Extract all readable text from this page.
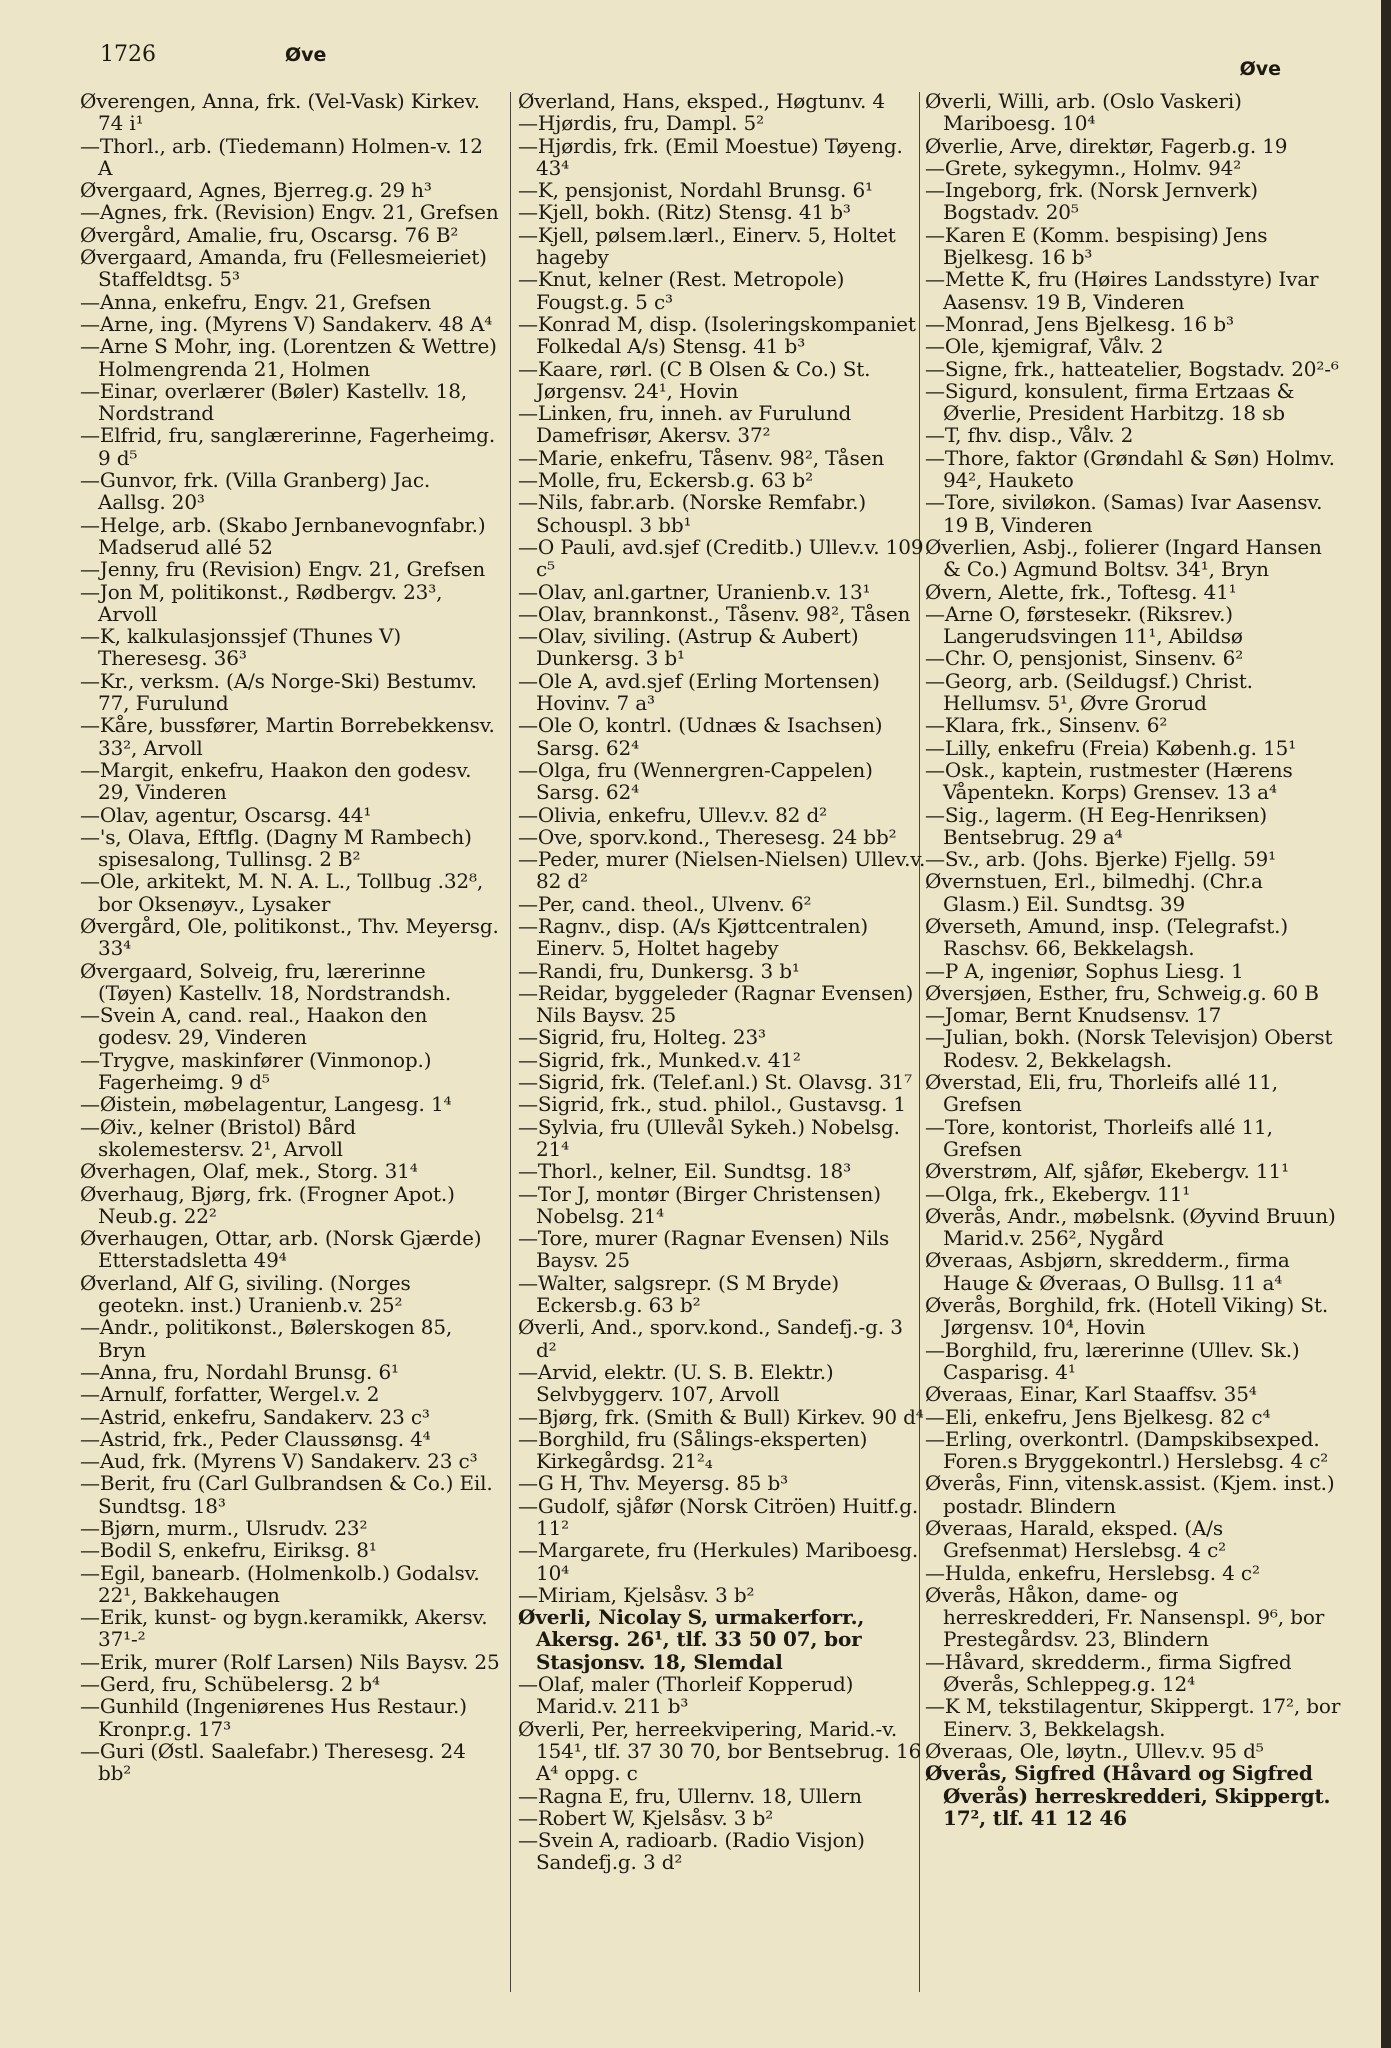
1726	Øve
Øve

Øverengen, Anna, frk. (Vel-Vask) Kirkev. 74 i¹

—Thorl., arb. (Tiedemann) Holmen-v. 12 A

Øvergaard, Agnes, Bjerreg.g. 29 h³

—Agnes, frk. (Revision) Engv. 21, Grefsen

Øvergård, Amalie, fru, Oscarsg. 76 B²

Øvergaard, Amanda, fru (Fellesmeieriet) Staffeldtsg. 5³

—Anna, enkefru, Engv. 21, Grefsen

—Arne, ing. (Myrens V) Sandakerv. 48 A⁴

—Arne S Mohr, ing. (Lorentzen & Wettre) Holmengrenda 21, Holmen

—Einar, overlærer (Bøler) Kastellv. 18, Nordstrand

—Elfrid, fru, sanglærerinne, Fagerheimg. 9 d⁵

—Gunvor, frk. (Villa Granberg) Jac. Aallsg. 20³

—Helge, arb. (Skabo Jernbanevognfabr.) Madserud allé 52

—Jenny, fru (Revision) Engv. 21, Grefsen

—Jon M, politikonst., Rødbergv. 23³, Arvoll

—K, kalkulasjonssjef (Thunes V) Theresesg. 36³

—Kr., verksm. (A/s Norge-Ski) Bestumv. 77, Furulund

—Kåre, bussfører, Martin Borrebekkensv. 33², Arvoll

—Margit, enkefru, Haakon den godesv. 29, Vinderen

—Olav, agentur, Oscarsg. 44¹

—'s, Olava, Eftflg. (Dagny M Rambech) spisesalong, Tullinsg. 2 B²

—Ole, arkitekt, M. N. A. L., Tollbug .32⁸, bor Oksenøyv., Lysaker

Øvergård, Ole, politikonst., Thv. Meyersg. 33⁴

Øvergaard, Solveig, fru, lærerinne (Tøyen) Kastellv. 18, Nordstrandsh.

—Svein A, cand. real., Haakon den godesv. 29, Vinderen

—Trygve, maskinfører (Vinmonop.) Fagerheimg. 9 d⁵

—Øistein, møbelagentur, Langesg. 1⁴

—Øiv., kelner (Bristol) Bård skolemestersv. 2¹, Arvoll

Øverhagen, Olaf, mek., Storg. 31⁴

Øverhaug, Bjørg, frk. (Frogner Apot.) Neub.g. 22²

Øverhaugen, Ottar, arb. (Norsk Gjærde) Etterstadsletta 49⁴

Øverland, Alf G, siviling. (Norges geotekn. inst.) Uranienb.v. 25²

—Andr., politikonst., Bølerskogen 85, Bryn

—Anna, fru, Nordahl Brunsg. 6¹

—Arnulf, forfatter, Wergel.v. 2

—Astrid, enkefru, Sandakerv. 23 c³

—Astrid, frk., Peder Claussønsg. 4⁴

—Aud, frk. (Myrens V) Sandakerv. 23 c³

—Berit, fru (Carl Gulbrandsen & Co.) Eil. Sundtsg. 18³

—Bjørn, murm., Ulsrudv. 23²

—Bodil S, enkefru, Eiriksg. 8¹

—Egil, banearb. (Holmenkolb.) Godalsv. 22¹, Bakkehaugen

—Erik, kunst- og bygn.keramikk, Akersv. 37¹-²

—Erik, murer (Rolf Larsen) Nils Baysv. 25

—Gerd, fru, Schübelersg. 2 b⁴

—Gunhild (Ingeniørenes Hus Restaur.) Kronpr.g. 17³

—Guri (Østl. Saalefabr.) Theresesg. 24 bb²

Øverland, Hans, eksped., Høgtunv. 4

—Hjørdis, fru, Dampl. 5²

—Hjørdis, frk. (Emil Moestue) Tøyeng. 43⁴

—K, pensjonist, Nordahl Brunsg. 6¹

—Kjell, bokh. (Ritz) Stensg. 41 b³

—Kjell, pølsem.lærl., Einerv. 5, Holtet hageby

—Knut, kelner (Rest. Metropole) Fougst.g. 5 c³

—Konrad M, disp. (Isoleringskompaniet Folkedal A/s) Stensg. 41 b³

—Kaare, rørl. (C B Olsen & Co.) St. Jørgensv. 24¹, Hovin

—Linken, fru, inneh. av Furulund Damefrisør, Akersv. 37²

—Marie, enkefru, Tåsenv. 98², Tåsen

—Molle, fru, Eckersb.g. 63 b²

—Nils, fabr.arb. (Norske Remfabr.) Schouspl. 3 bb¹

—O Pauli, avd.sjef (Creditb.) Ullev.v. 109 c⁵

—Olav, anl.gartner, Uranienb.v. 13¹

—Olav, brannkonst., Tåsenv. 98², Tåsen

—Olav, siviling. (Astrup & Aubert) Dunkersg. 3 b¹

—Ole A, avd.sjef (Erling Mortensen) Hovinv. 7 a³

—Ole O, kontrl. (Udnæs & Isachsen) Sarsg. 62⁴

—Olga, fru (Wennergren-Cappelen) Sarsg. 62⁴

—Olivia, enkefru, Ullev.v. 82 d²

—Ove, sporv.kond., Theresesg. 24 bb²

—Peder, murer (Nielsen-Nielsen) Ullev.v. 82 d²

—Per, cand. theol., Ulvenv. 6²

—Ragnv., disp. (A/s Kjøttcentralen) Einerv. 5, Holtet hageby

—Randi, fru, Dunkersg. 3 b¹

—Reidar, byggeleder (Ragnar Evensen) Nils Baysv. 25

—Sigrid, fru, Holteg. 23³

—Sigrid, frk., Munked.v. 41²

—Sigrid, frk. (Telef.anl.) St. Olavsg. 31⁷

—Sigrid, frk., stud. philol., Gustavsg. 1

—Sylvia, fru (Ullevål Sykeh.) Nobelsg. 21⁴

—Thorl., kelner, Eil. Sundtsg. 18³

—Tor J, montør (Birger Christensen) Nobelsg. 21⁴

—Tore, murer (Ragnar Evensen) Nils Baysv. 25

—Walter, salgsrepr. (S M Bryde) Eckersb.g. 63 b²

Øverli, And., sporv.kond., Sandefj.-g. 3 d²

—Arvid, elektr. (U. S. B. Elektr.) Selvbyggerv. 107, Arvoll

—Bjørg, frk. (Smith & Bull) Kirkev. 90 d⁴

—Borghild, fru (Sålings-eksperten) Kirkegårdsg. 21²₄

—G H, Thv. Meyersg. 85 b³

—Gudolf, sjåfør (Norsk Citröen) Huitf.g. 11²

—Margarete, fru (Herkules) Mariboesg. 10⁴

—Miriam, Kjelsåsv. 3 b²

Øverli, Nicolay S, urmakerforr., Akersg. 26¹, tlf. 33 50 07, bor Stasjonsv. 18, Slemdal

—Olaf, maler (Thorleif Kopperud) Marid.v. 211 b³

Øverli, Per, herreekvipering, Marid.-v. 154¹, tlf. 37 30 70, bor Bentsebrug. 16 A⁴ oppg. c

—Ragna E, fru, Ullernv. 18, Ullern

—Robert W, Kjelsåsv. 3 b²

—Svein A, radioarb. (Radio Visjon) Sandefj.g. 3 d²

Øverli, Willi, arb. (Oslo Vaskeri) Mariboesg. 10⁴

Øverlie, Arve, direktør, Fagerb.g. 19

—Grete, sykegymn., Holmv. 94²

—Ingeborg, frk. (Norsk Jernverk) Bogstadv. 20⁵

—Karen E (Komm. bespising) Jens Bjelkesg. 16 b³

—Mette K, fru (Høires Landsstyre) Ivar Aasensv. 19 B, Vinderen

—Monrad, Jens Bjelkesg. 16 b³

—Ole, kjemigraf, Vålv. 2

—Signe, frk., hatteatelier, Bogstadv. 20²-⁶

—Sigurd, konsulent, firma Ertzaas & Øverlie, President Harbitzg. 18 sb

—T, fhv. disp., Vålv. 2

—Thore, faktor (Grøndahl & Søn) Holmv. 94², Hauketo

—Tore, siviløkon. (Samas) Ivar Aasensv. 19 B, Vinderen

Øverlien, Asbj., folierer (Ingard Hansen & Co.) Agmund Boltsv. 34¹, Bryn

Øvern, Alette, frk., Toftesg. 41¹

—Arne O, førstesekr. (Riksrev.) Langerudsvingen 11¹, Abildsø

—Chr. O, pensjonist, Sinsenv. 6²

—Georg, arb. (Seildugsf.) Christ. Hellumsv. 5¹, Øvre Grorud

—Klara, frk., Sinsenv. 6²

—Lilly, enkefru (Freia) Københ.g. 15¹

—Osk., kaptein, rustmester (Hærens Våpentekn. Korps) Grensev. 13 a⁴

—Sig., lagerm. (H Eeg-Henriksen) Bentsebrug. 29 a⁴

—Sv., arb. (Johs. Bjerke) Fjellg. 59¹

Øvernstuen, Erl., bilmedhj. (Chr.a Glasm.) Eil. Sundtsg. 39

Øverseth, Amund, insp. (Telegrafst.) Raschsv. 66, Bekkelagsh.

—P A, ingeniør, Sophus Liesg. 1

Øversjøen, Esther, fru, Schweig.g. 60 B

—Jomar, Bernt Knudsensv. 17

—Julian, bokh. (Norsk Televisjon) Oberst Rodesv. 2, Bekkelagsh.

Øverstad, Eli, fru, Thorleifs allé 11, Grefsen

—Tore, kontorist, Thorleifs allé 11, Grefsen

Øverstrøm, Alf, sjåfør, Ekebergv. 11¹

—Olga, frk., Ekebergv. 11¹

Øverås, Andr., møbelsnk. (Øyvind Bruun) Marid.v. 256², Nygård

Øveraas, Asbjørn, skredderm., firma Hauge & Øveraas, O Bullsg. 11 a⁴

Øverås, Borghild, frk. (Hotell Viking) St. Jørgensv. 10⁴, Hovin

—Borghild, fru, lærerinne (Ullev. Sk.) Casparisg. 4¹

Øveraas, Einar, Karl Staaffsv. 35⁴

—Eli, enkefru, Jens Bjelkesg. 82 c⁴

—Erling, overkontrl. (Dampskibsexped. Foren.s Bryggekontrl.) Herslebsg. 4 c²

Øverås, Finn, vitensk.assist. (Kjem. inst.) postadr. Blindern

Øveraas, Harald, eksped. (A/s Grefsenmat) Herslebsg. 4 c²

—Hulda, enkefru, Herslebsg. 4 c²

Øverås, Håkon, dame- og herreskredderi, Fr. Nansenspl. 9⁶, bor Prestegårdsv. 23, Blindern

—Håvard, skredderm., firma Sigfred Øverås, Schleppeg.g. 12⁴

—K M, tekstilagentur, Skippergt. 17², bor Einerv. 3, Bekkelagsh.

Øveraas, Ole, løytn., Ullev.v. 95 d⁵

Øverås, Sigfred (Håvard og Sigfred Øverås) herreskredderi, Skippergt. 17², tlf. 41 12 46
